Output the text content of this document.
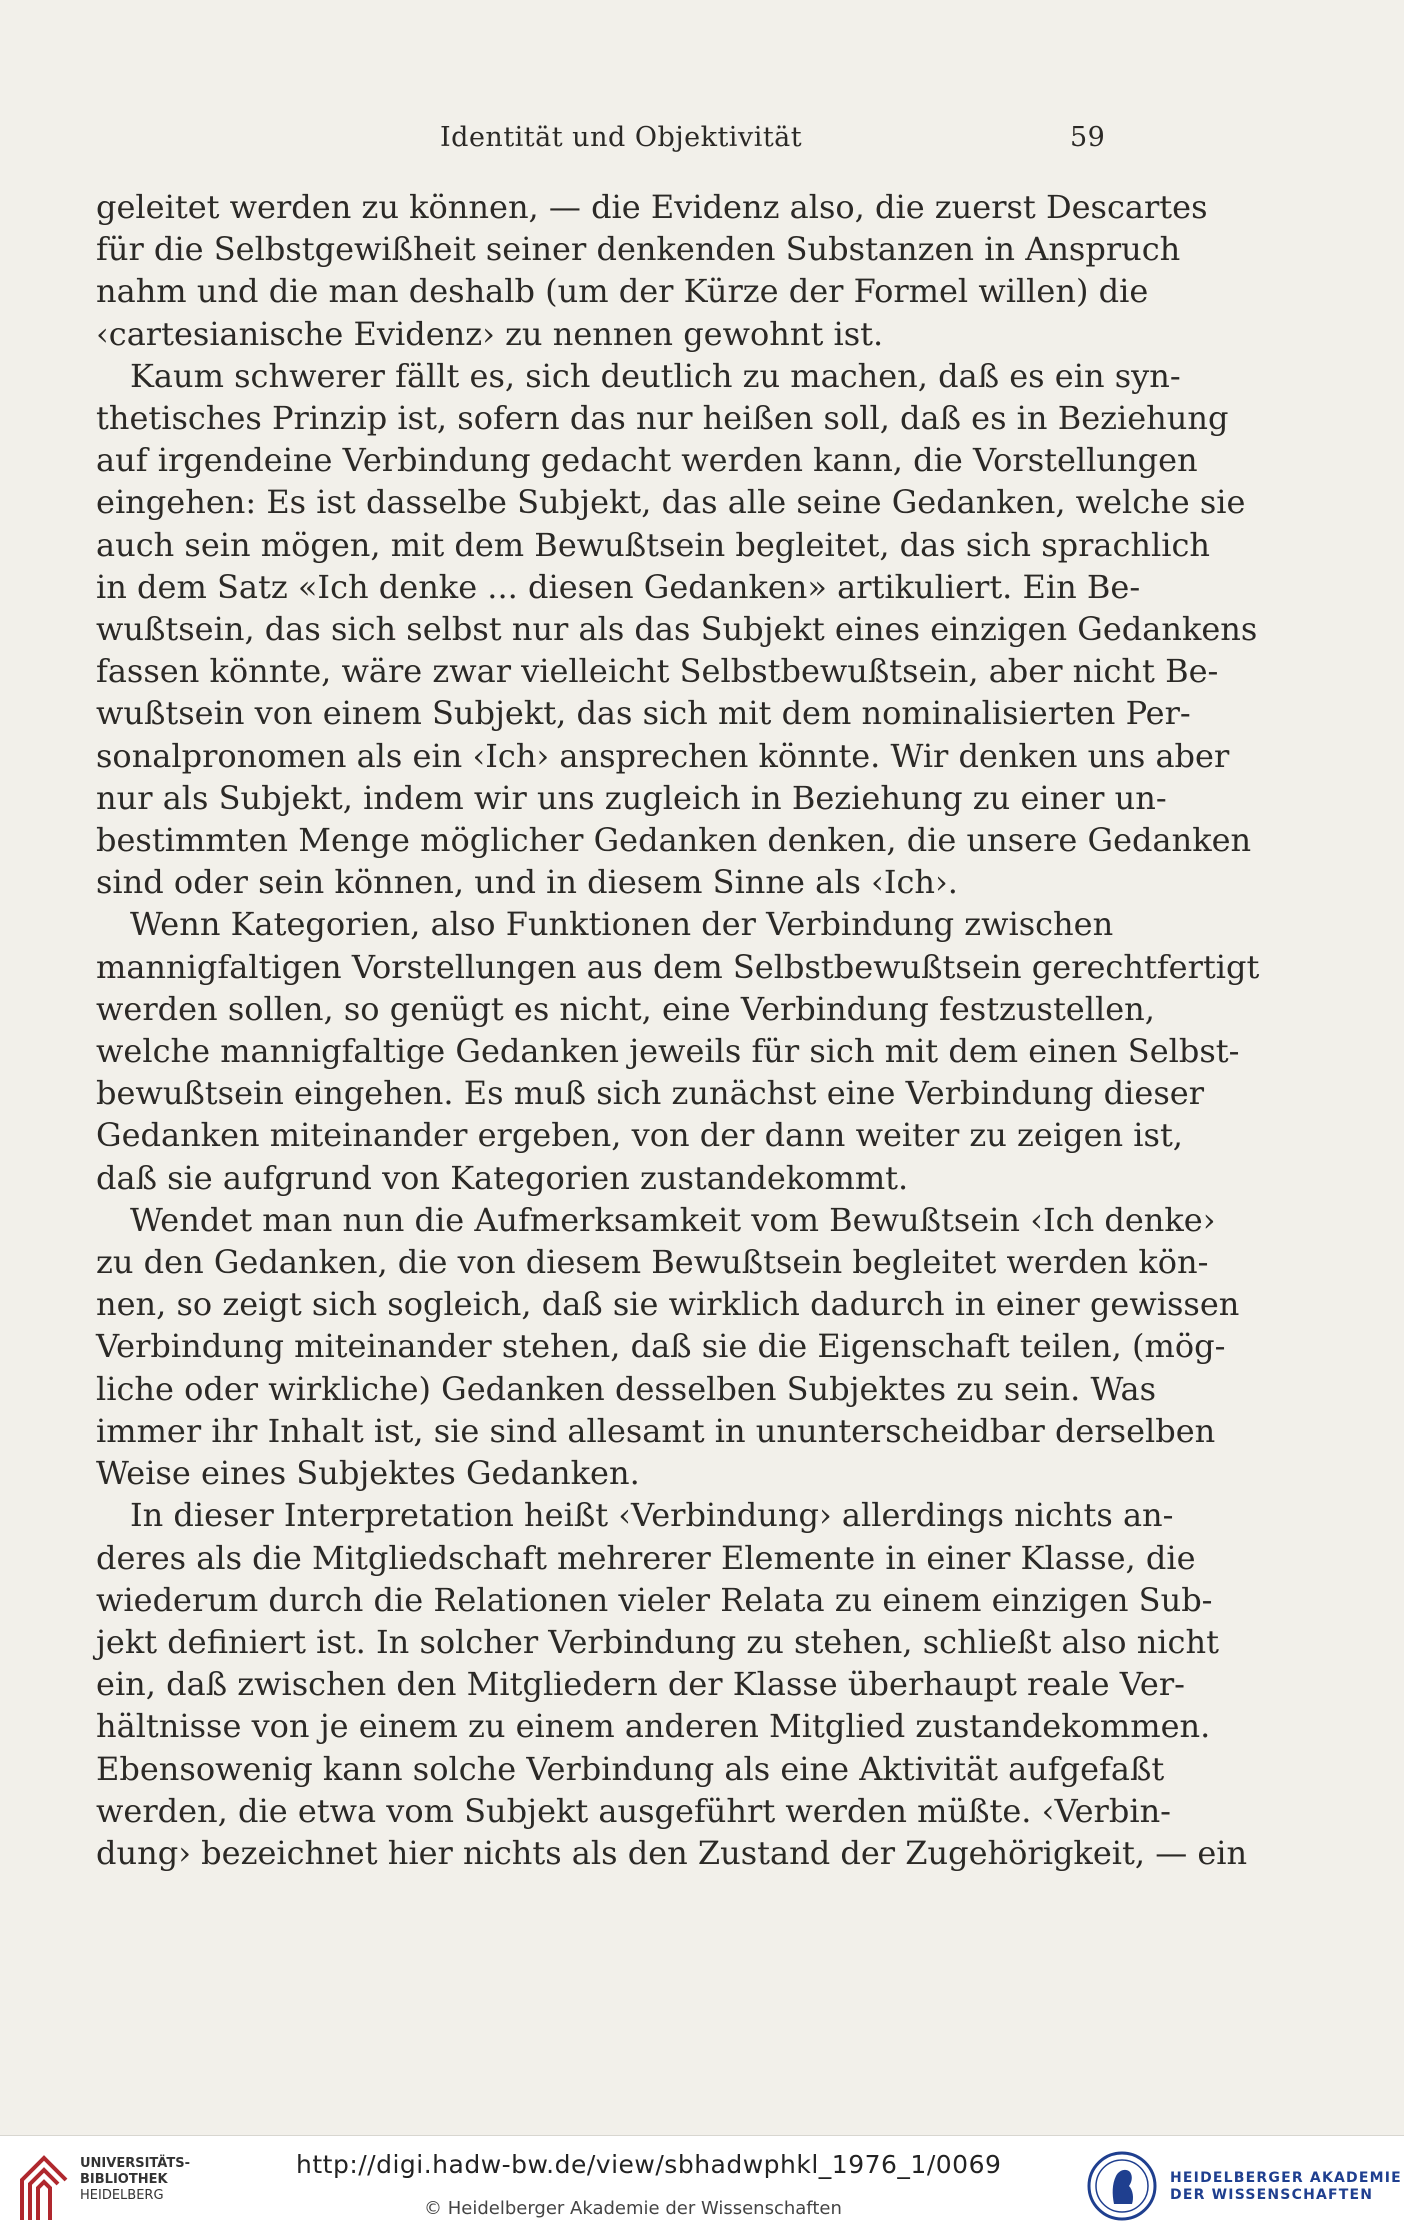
Identität und Objektivität	59
geleitet werden zu können, — die Evidenz also, die zuerst Descartes
für die Selbstgewißheit seiner denkenden Substanzen in Anspruch
nahm und die man deshalb (um der Kürze der Formel willen) die
‹cartesianische Evidenz› zu nennen gewohnt ist.
Kaum schwerer fällt es, sich deutlich zu machen, daß es ein syn-
thetisches Prinzip ist, sofern das nur heißen soll, daß es in Beziehung
auf irgendeine Verbindung gedacht werden kann, die Vorstellungen
eingehen: Es ist dasselbe Subjekt, das alle seine Gedanken, welche sie
auch sein mögen, mit dem Bewußtsein begleitet, das sich sprachlich
in dem Satz «Ich denke ... diesen Gedanken» artikuliert. Ein Be-
wußtsein, das sich selbst nur als das Subjekt eines einzigen Gedankens
fassen könnte, wäre zwar vielleicht Selbstbewußtsein, aber nicht Be-
wußtsein von einem Subjekt, das sich mit dem nominalisierten Per-
sonalpronomen als ein ‹Ich› ansprechen könnte. Wir denken uns aber
nur als Subjekt, indem wir uns zugleich in Beziehung zu einer un-
bestimmten Menge möglicher Gedanken denken, die unsere Gedanken
sind oder sein können, und in diesem Sinne als ‹Ich›.
Wenn Kategorien, also Funktionen der Verbindung zwischen
mannigfaltigen Vorstellungen aus dem Selbstbewußtsein gerechtfertigt
werden sollen, so genügt es nicht, eine Verbindung festzustellen,
welche mannigfaltige Gedanken jeweils für sich mit dem einen Selbst-
bewußtsein eingehen. Es muß sich zunächst eine Verbindung dieser
Gedanken miteinander ergeben, von der dann weiter zu zeigen ist,
daß sie aufgrund von Kategorien zustandekommt.
Wendet man nun die Aufmerksamkeit vom Bewußtsein ‹Ich denke›
zu den Gedanken, die von diesem Bewußtsein begleitet werden kön-
nen, so zeigt sich sogleich, daß sie wirklich dadurch in einer gewissen
Verbindung miteinander stehen, daß sie die Eigenschaft teilen, (mög-
liche oder wirkliche) Gedanken desselben Subjektes zu sein. Was
immer ihr Inhalt ist, sie sind allesamt in ununterscheidbar derselben
Weise eines Subjektes Gedanken.
In dieser Interpretation heißt ‹Verbindung› allerdings nichts an-
deres als die Mitgliedschaft mehrerer Elemente in einer Klasse, die
wiederum durch die Relationen vieler Relata zu einem einzigen Sub-
jekt definiert ist. In solcher Verbindung zu stehen, schließt also nicht
ein, daß zwischen den Mitgliedern der Klasse überhaupt reale Ver-
hältnisse von je einem zu einem anderen Mitglied zustandekommen.
Ebensowenig kann solche Verbindung als eine Aktivität aufgefaßt
werden, die etwa vom Subjekt ausgeführt werden müßte. ‹Verbin-
dung› bezeichnet hier nichts als den Zustand der Zugehörigkeit, — ein
UNIVERSITÄTS-
BIBLIOTHEK
HEIDELBERG
http://digi.hadw-bw.de/view/sbhadwphkl_1976_1/0069
© Heidelberger Akademie der Wissenschaften
HEIDELBERGER AKADEMIE
DER WISSENSCHAFTEN
